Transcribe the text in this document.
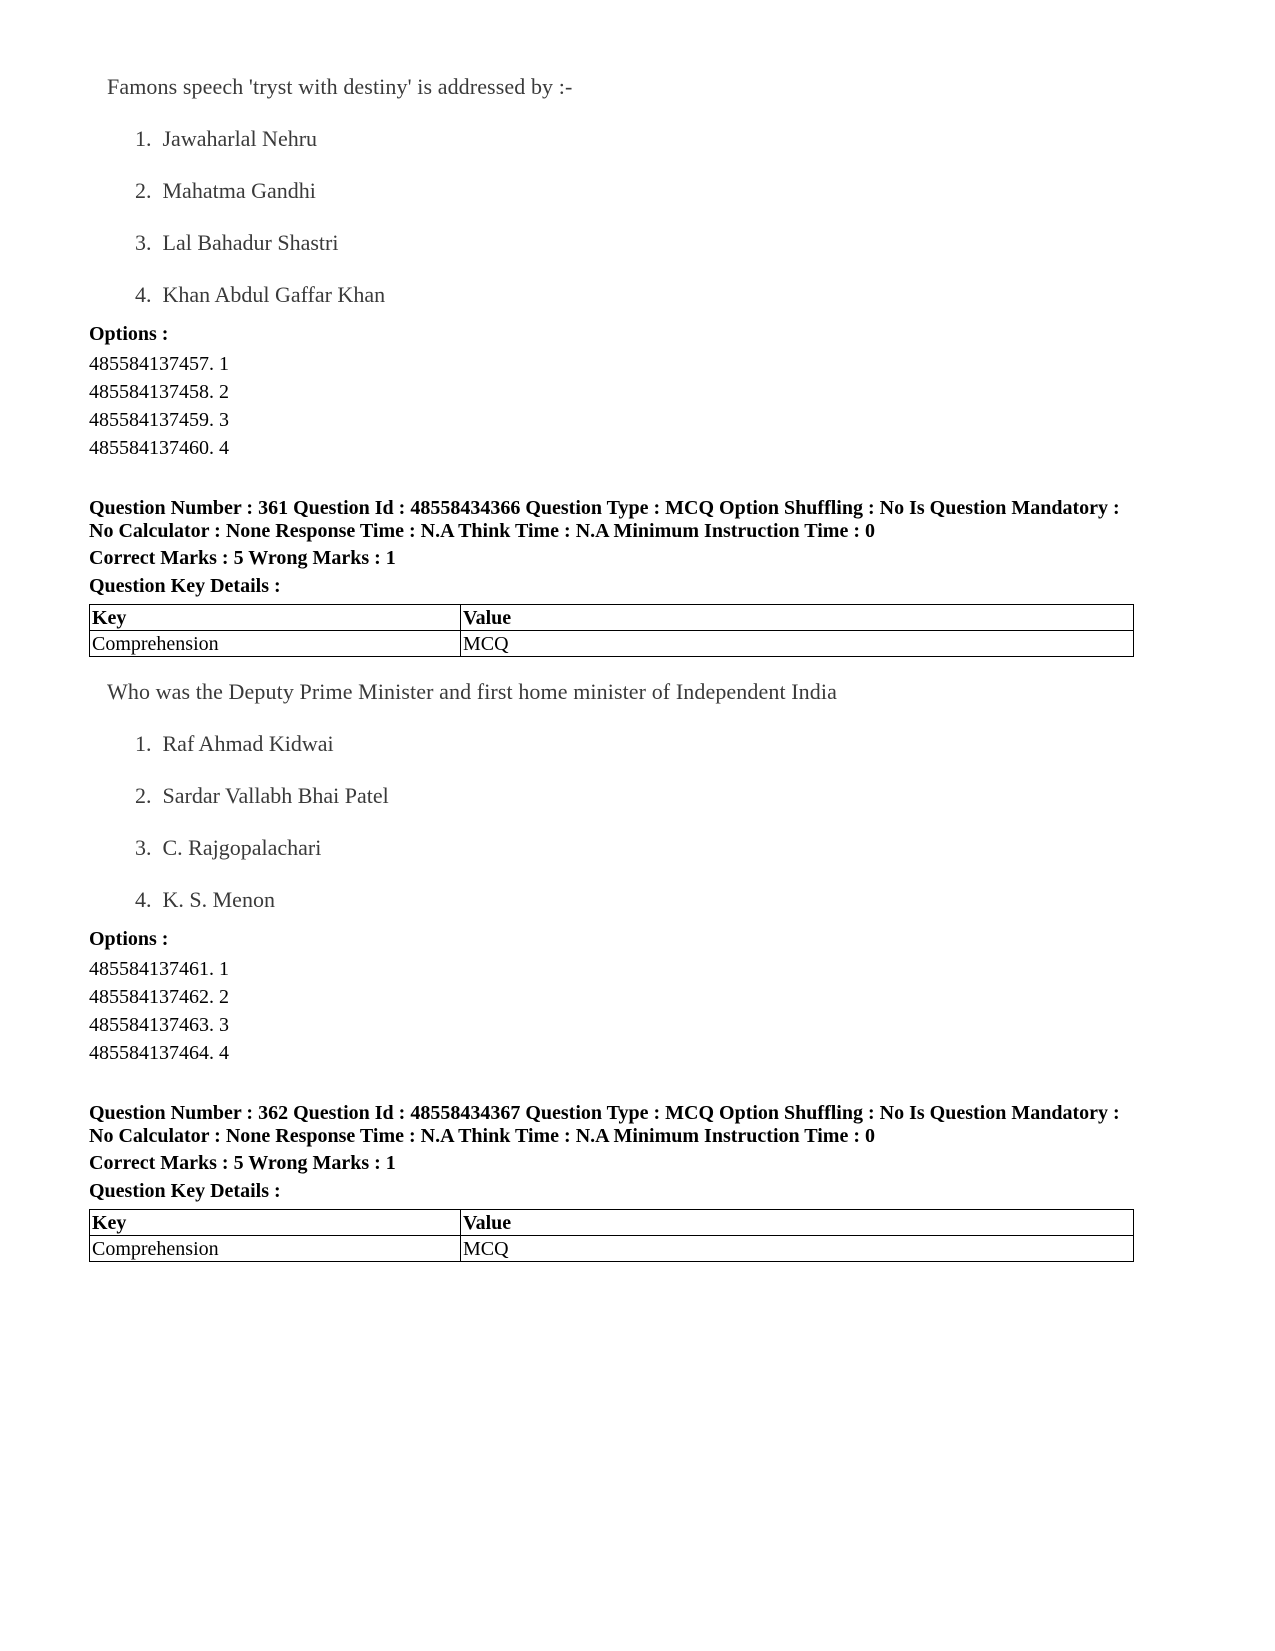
Famons speech 'tryst with destiny' is addressed by :-
1. Jawaharlal Nehru
2. Mahatma Gandhi
3. Lal Bahadur Shastri
4. Khan Abdul Gaffar Khan
Options :
485584137457. 1
485584137458. 2
485584137459. 3
485584137460. 4
Question Number : 361 Question Id : 48558434366 Question Type : MCQ Option Shuffling : No Is Question Mandatory :
No Calculator : None Response Time : N.A Think Time : N.A Minimum Instruction Time : 0
Correct Marks : 5 Wrong Marks : 1
Question Key Details :
Key	Value
Comprehension	MCQ
Who was the Deputy Prime Minister and first home minister of Independent India
1. Raf Ahmad Kidwai
2. Sardar Vallabh Bhai Patel
3. C. Rajgopalachari
4. K. S. Menon
Options :
485584137461. 1
485584137462. 2
485584137463. 3
485584137464. 4
Question Number : 362 Question Id : 48558434367 Question Type : MCQ Option Shuffling : No Is Question Mandatory :
No Calculator : None Response Time : N.A Think Time : N.A Minimum Instruction Time : 0
Correct Marks : 5 Wrong Marks : 1
Question Key Details :
Key	Value
Comprehension	MCQ
